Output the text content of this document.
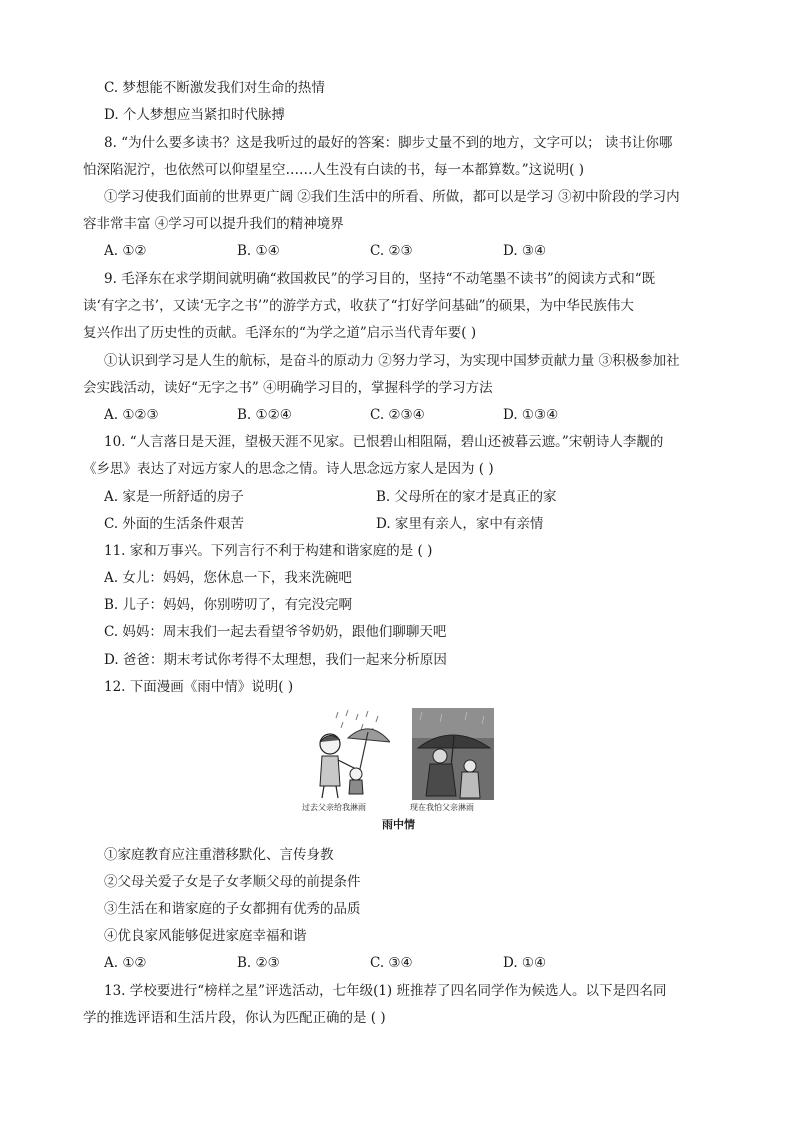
C. 梦想能不断激发我们对生命的热情
D. 个人梦想应当紧扣时代脉搏
8. “为什么要多读书？这是我听过的最好的答案：脚步丈量不到的地方，文字可以； 读书让你哪
怕深陷泥泞，也依然可以仰望星空……人生没有白读的书，每一本都算数。”这说明( )
①学习使我们面前的世界更广阔 ②我们生活中的所看、所做，都可以是学习 ③初中阶段的学习内
容非常丰富 ④学习可以提升我们的精神境界
A. ①②	B. ①④	C. ②③	D. ③④
9. 毛泽东在求学期间就明确“救国救民”的学习目的，坚持“不动笔墨不读书”的阅读方式和“既
读‘有字之书’，又读‘无字之书’”的游学方式，收获了“打好学问基础”的硕果，为中华民族伟大
复兴作出了历史性的贡献。毛泽东的“为学之道”启示当代青年要( )
①认识到学习是人生的航标，是奋斗的原动力 ②努力学习，为实现中国梦贡献力量 ③积极参加社
会实践活动，读好“无字之书” ④明确学习目的，掌握科学的学习方法
A. ①②③	B. ①②④	C. ②③④	D. ①③④
10. “人言落日是天涯，望极天涯不见家。已恨碧山相阻隔，碧山还被暮云遮。”宋朝诗人李觏的
《乡思》表达了对远方家人的思念之情。诗人思念远方家人是因为 ( )
A. 家是一所舒适的房子	B. 父母所在的家才是真正的家
C. 外面的生活条件艰苦	D. 家里有亲人，家中有亲情
11. 家和万事兴。下列言行不利于构建和谐家庭的是 ( )
A. 女儿：妈妈，您休息一下，我来洗碗吧
B. 儿子：妈妈，你别唠叨了，有完没完啊
C. 妈妈：周末我们一起去看望爷爷奶奶，跟他们聊聊天吧
D. 爸爸：期末考试你考得不太理想，我们一起来分析原因
12. 下面漫画《雨中情》说明( )
过去父亲给我淋雨	现在我怕父亲淋雨
雨中情
①家庭教育应注重潜移默化、言传身教
②父母关爱子女是子女孝顺父母的前提条件
③生活在和谐家庭的子女都拥有优秀的品质
④优良家风能够促进家庭幸福和谐
A. ①②	B. ②③	C. ③④	D. ①④
13. 学校要进行“榜样之星”评选活动，七年级(1) 班推荐了四名同学作为候选人。以下是四名同
学的推选评语和生活片段，你认为匹配正确的是 ( )
